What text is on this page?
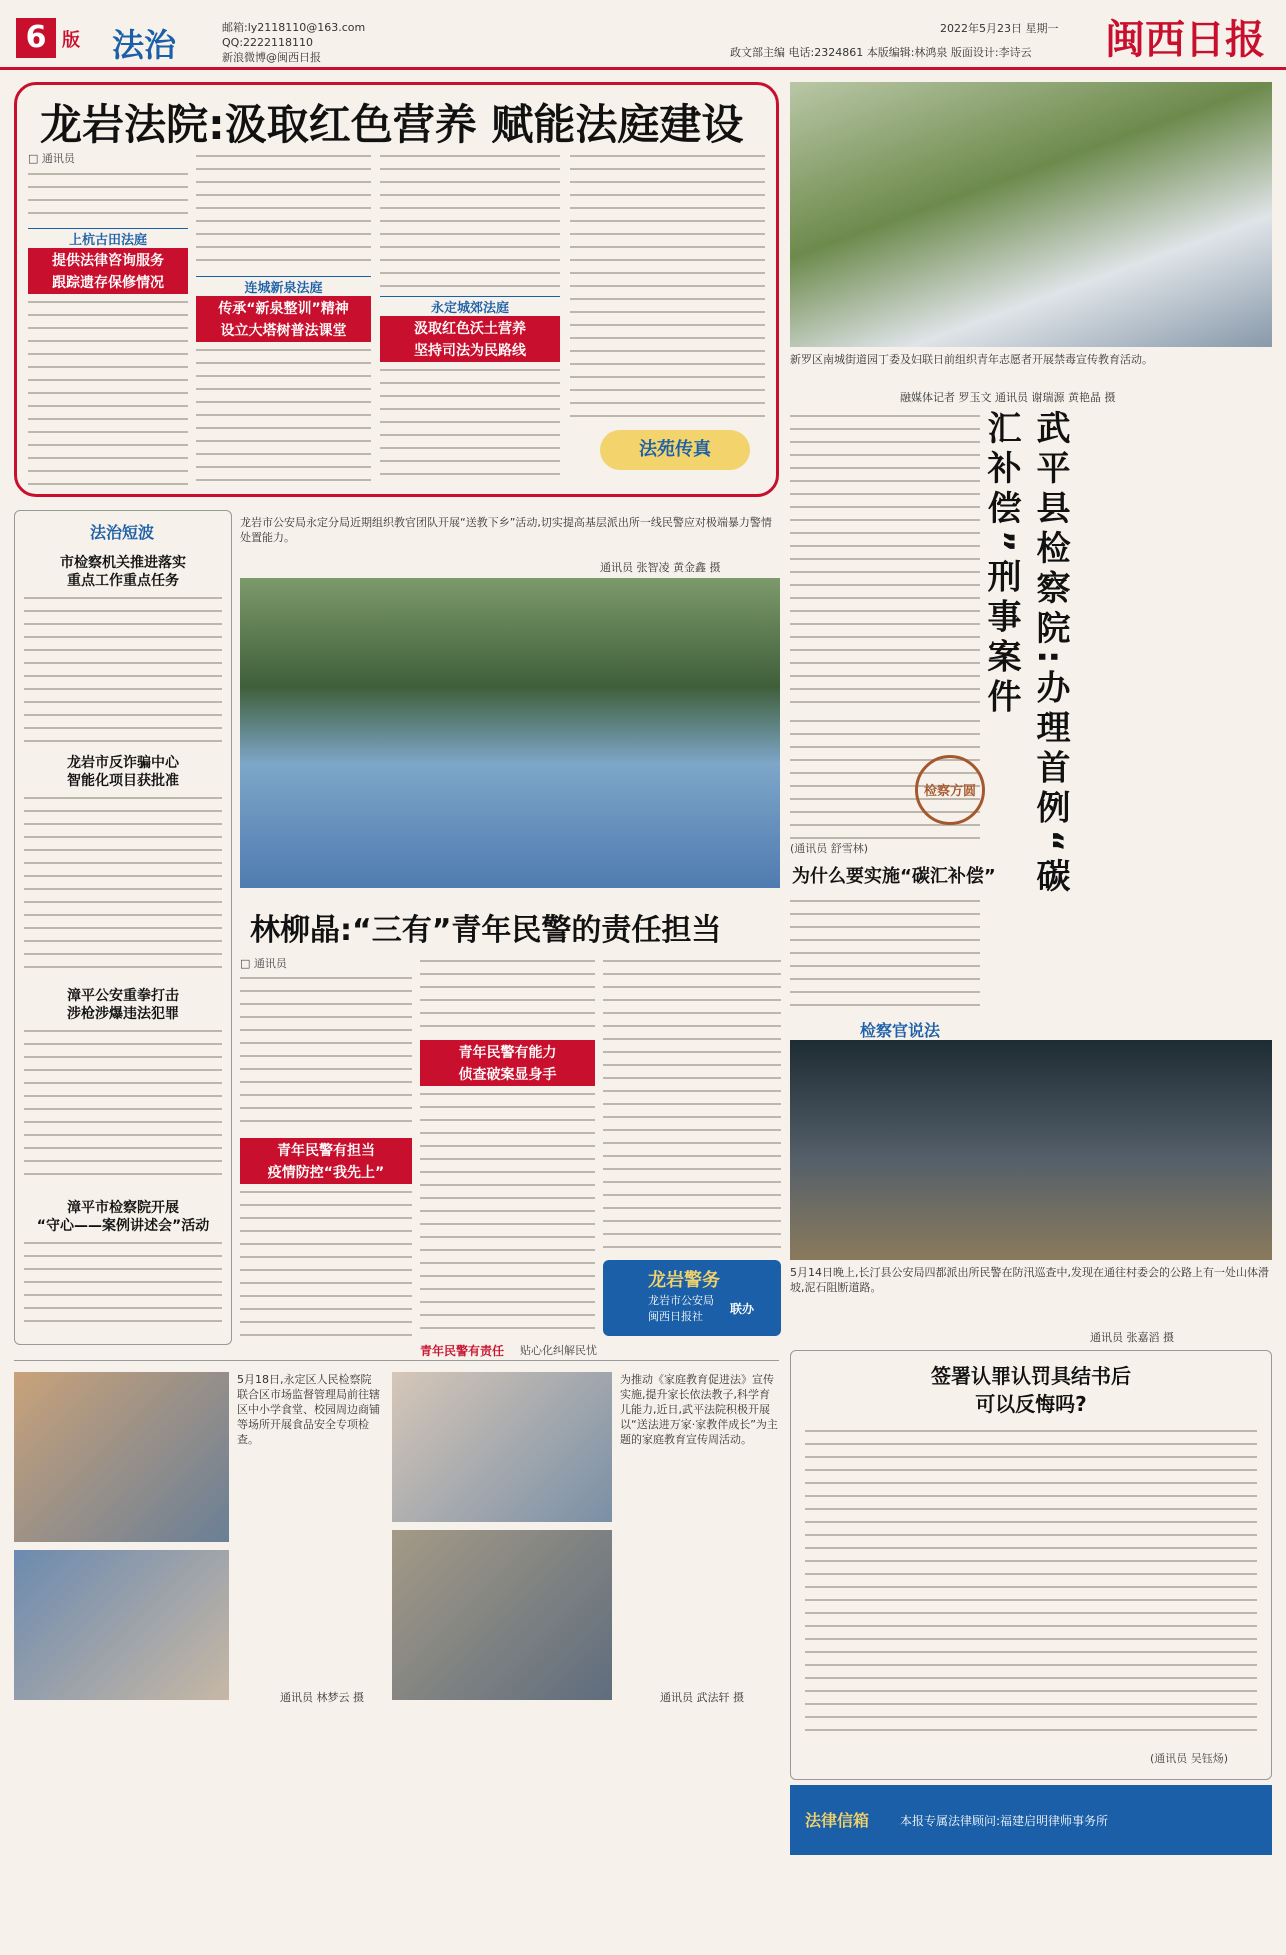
6 版 法治	邮箱:ly2118110@163.com
QQ:2222118110
新浪微博@闽西日报	政文部主编 电话:2324861 本版编辑:林鸿泉 版面设计:李诗云
2022年5月23日 星期一 闽西日报
龙岩法院:汲取红色营养 赋能法庭建设
□ 通讯员
上杭古田法庭
提供法律咨询服务
跟踪遗存保修情况	连城新泉法庭
传承“新泉整训”精神
设立大塔树普法课堂
永定城郊法庭
汲取红色沃土营养
坚持司法为民路线
法苑传真
新罗区南城街道园丁委及妇联日前组织青年志愿者开展禁毒宣传教育活动。
融媒体记者 罗玉文 通讯员 谢瑞源 黄艳晶 摄
武平县检察院:办理首例“碳汇补偿”刑事案件
(通讯员 舒雪林)
检察方圆
为什么要实施“碳汇补偿”
检察官说法
5月14日晚上,长汀县公安局四都派出所民警在防汛巡查中,发现在通往村委会的公路上有一处山体滑坡,泥石阻断道路。
通讯员 张嘉滔 摄
签署认罪认罚具结书后
可以反悔吗?
(通讯员 吴钰炀)
法治短波
市检察机关推进落实
重点工作重点任务
龙岩市反诈骗中心
智能化项目获批准
漳平公安重拳打击
涉枪涉爆违法犯罪
漳平市检察院开展
“守心——案例讲述会”活动
龙岩市公安局永定分局近期组织教官团队开展“送教下乡”活动,切实提高基层派出所一线民警应对极端暴力警情处置能力。
通讯员 张智凌 黄金鑫 摄
林柳晶:“三有”青年民警的责任担当
□ 通讯员
青年民警有担当
疫情防控“我先上”
青年民警有能力
侦查破案显身手
龙岩警务
龙岩市公安局
闽西日报社
联办
青年民警有责任 贴心化纠解民忧
5月18日,永定区人民检察院联合区市场监督管理局前往辖区中小学食堂、校园周边商铺等场所开展食品安全专项检查。
通讯员 林梦云 摄
为推动《家庭教育促进法》宣传实施,提升家长依法教子,科学育儿能力,近日,武平法院积极开展以“送法进万家·家教伴成长”为主题的家庭教育宣传周活动。
通讯员 武法轩 摄
法律信箱	本报专属法律顾问:福建启明律师事务所
